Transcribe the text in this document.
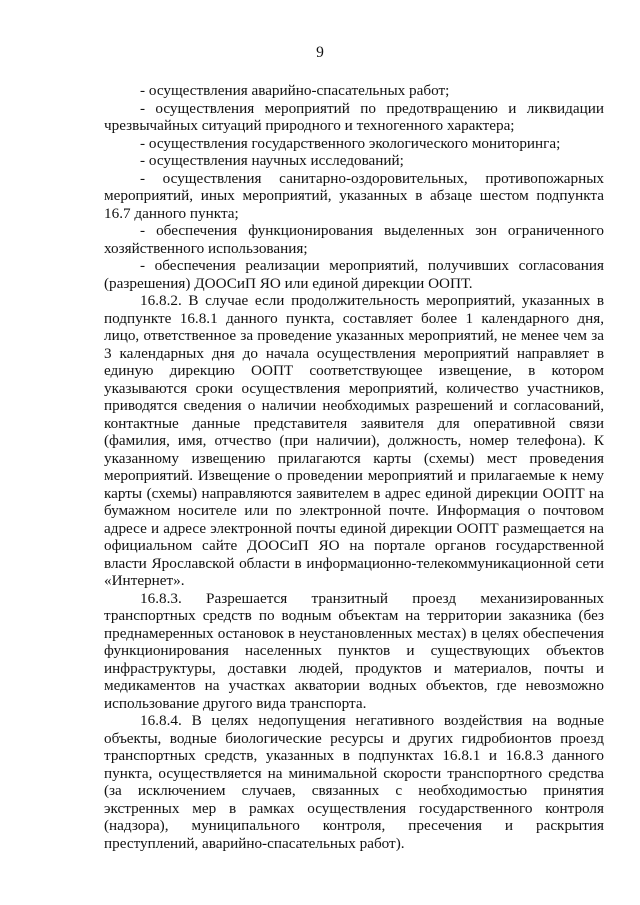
9

- осуществления аварийно-спасательных работ;

- осуществления мероприятий по предотвращению и ликвидации чрезвычайных ситуаций природного и техногенного характера;

- осуществления государственного экологического мониторинга;

- осуществления научных исследований;

- осуществления санитарно-оздоровительных, противопожарных мероприятий, иных мероприятий, указанных в абзаце шестом подпункта 16.7 данного пункта;

- обеспечения функционирования выделенных зон ограниченного хозяйственного использования;

- обеспечения реализации мероприятий, получивших согласования (разрешения) ДООСиП ЯО или единой дирекции ООПТ.

16.8.2. В случае если продолжительность мероприятий, указанных в подпункте 16.8.1 данного пункта, составляет более 1 календарного дня, лицо, ответственное за проведение указанных мероприятий, не менее чем за 3 календарных дня до начала осуществления мероприятий направляет в единую дирекцию ООПТ соответствующее извещение, в котором указываются сроки осуществления мероприятий, количество участников, приводятся сведения о наличии необходимых разрешений и согласований, контактные данные представителя заявителя для оперативной связи (фамилия, имя, отчество (при наличии), должность, номер телефона). К указанному извещению прилагаются карты (схемы) мест проведения мероприятий. Извещение о проведении мероприятий и прилагаемые к нему карты (схемы) направляются заявителем в адрес единой дирекции ООПТ на бумажном носителе или по электронной почте. Информация о почтовом адресе и адресе электронной почты единой дирекции ООПТ размещается на официальном сайте ДООСиП ЯО на портале органов государственной власти Ярославской области в информационно-телекоммуникационной сети «Интернет».

16.8.3. Разрешается транзитный проезд механизированных транспортных средств по водным объектам на территории заказника (без преднамеренных остановок в неустановленных местах) в целях обеспечения функционирования населенных пунктов и существующих объектов инфраструктуры, доставки людей, продуктов и материалов, почты и медикаментов на участках акватории водных объектов, где невозможно использование другого вида транспорта.

16.8.4. В целях недопущения негативного воздействия на водные объекты, водные биологические ресурсы и других гидробионтов проезд транспортных средств, указанных в подпунктах 16.8.1 и 16.8.3 данного пункта, осуществляется на минимальной скорости транспортного средства (за исключением случаев, связанных с необходимостью принятия экстренных мер в рамках осуществления государственного контроля (надзора), муниципального контроля, пресечения и раскрытия преступлений, аварийно-спасательных работ).
